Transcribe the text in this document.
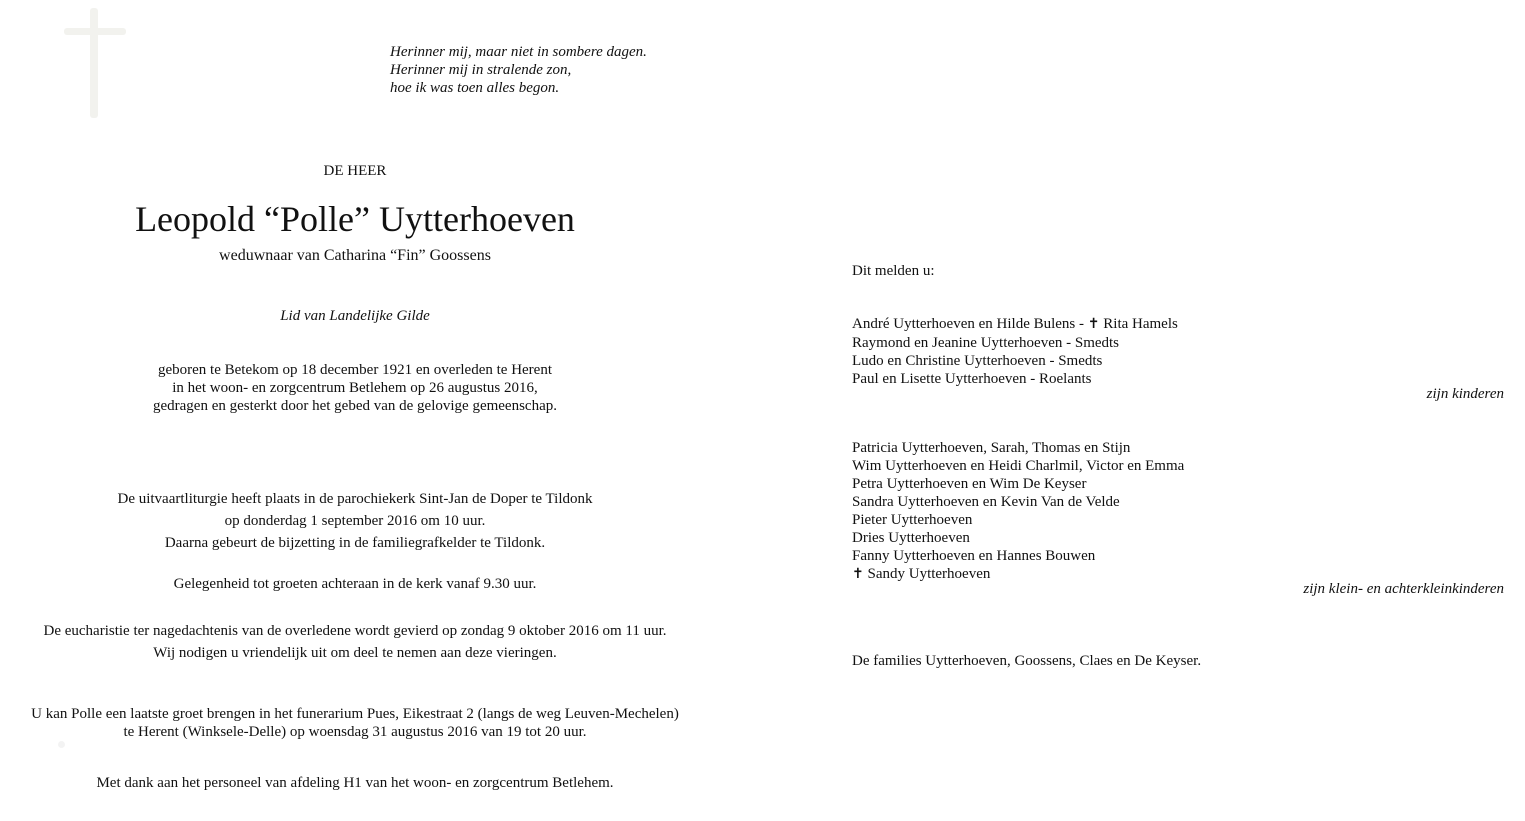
Herinner mij, maar niet in sombere dagen.
Herinner mij in stralende zon,
hoe ik was toen alles begon.
DE HEER
Leopold “Polle” Uytterhoeven
weduwnaar van Catharina “Fin” Goossens
Lid van Landelijke Gilde
geboren te Betekom op 18 december 1921 en overleden te Herent
in het woon- en zorgcentrum Betlehem op 26 augustus 2016,
gedragen en gesterkt door het gebed van de gelovige gemeenschap.
De uitvaartliturgie heeft plaats in de parochiekerk Sint-Jan de Doper te Tildonk
op donderdag 1 september 2016 om 10 uur.
Daarna gebeurt de bijzetting in de familiegrafkelder te Tildonk.
Gelegenheid tot groeten achteraan in de kerk vanaf 9.30 uur.
De eucharistie ter nagedachtenis van de overledene wordt gevierd op zondag 9 oktober 2016 om 11 uur.
Wij nodigen u vriendelijk uit om deel te nemen aan deze vieringen.
U kan Polle een laatste groet brengen in het funerarium Pues, Eikestraat 2 (langs de weg Leuven-Mechelen)
te Herent (Winksele-Delle) op woensdag 31 augustus 2016 van 19 tot 20 uur.
Met dank aan het personeel van afdeling H1 van het woon- en zorgcentrum Betlehem.
Dit melden u:
André Uytterhoeven en Hilde Bulens - ✝ Rita Hamels
Raymond en Jeanine Uytterhoeven - Smedts
Ludo en Christine Uytterhoeven - Smedts
Paul en Lisette Uytterhoeven - Roelants
zijn kinderen
Patricia Uytterhoeven, Sarah, Thomas en Stijn
Wim Uytterhoeven en Heidi Charlmil, Victor en Emma
Petra Uytterhoeven en Wim De Keyser
Sandra Uytterhoeven en Kevin Van de Velde
Pieter Uytterhoeven
Dries Uytterhoeven
Fanny Uytterhoeven en Hannes Bouwen
✝ Sandy Uytterhoeven
zijn klein- en achterkleinkinderen
De families Uytterhoeven, Goossens, Claes en De Keyser.
